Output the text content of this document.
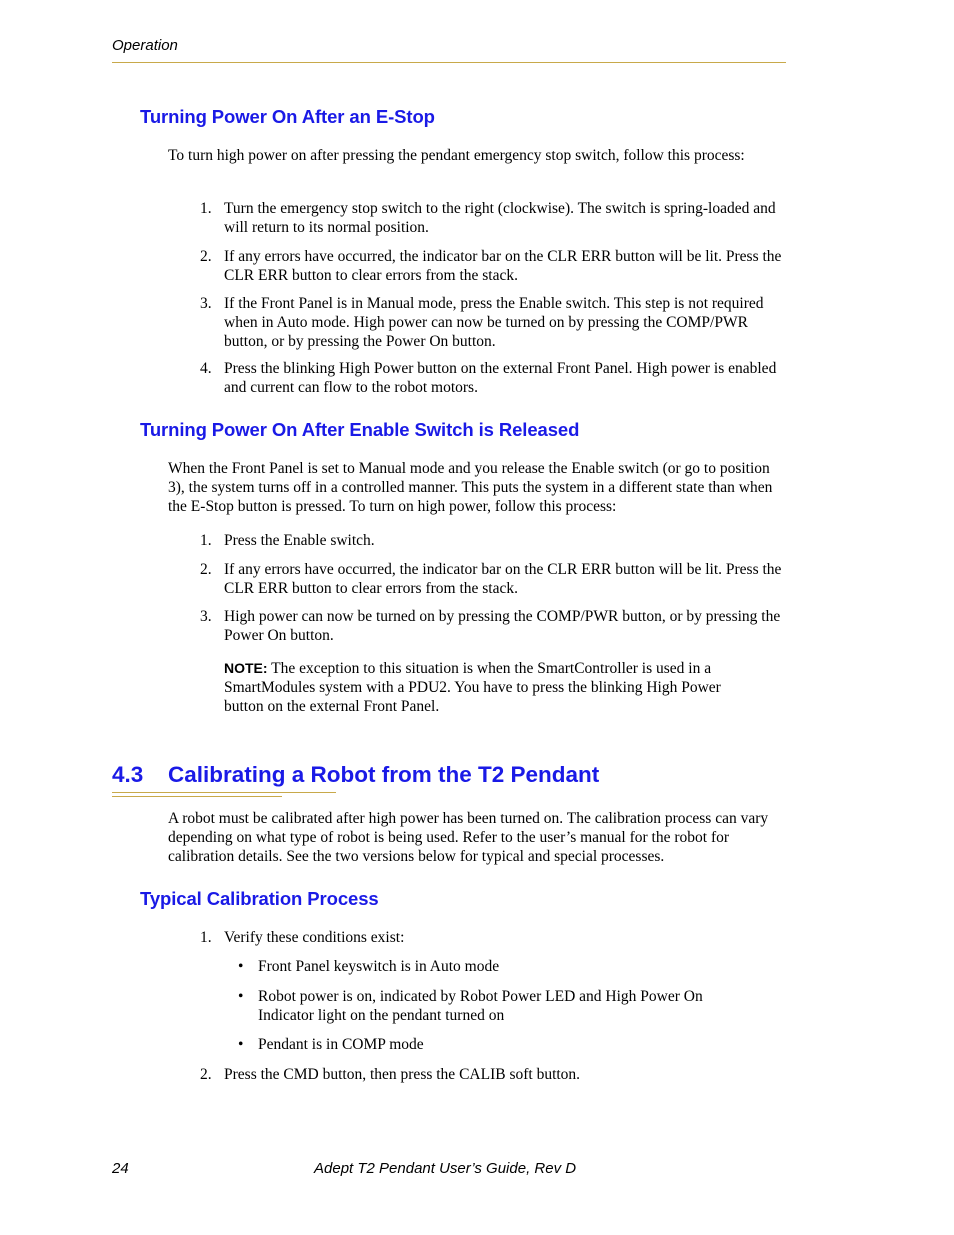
Operation
Turning Power On After an E-Stop
To turn high power on after pressing the pendant emergency stop switch, follow this process:
1. Turn the emergency stop switch to the right (clockwise). The switch is spring-loaded and will return to its normal position.
2. If any errors have occurred, the indicator bar on the CLR ERR button will be lit. Press the CLR ERR button to clear errors from the stack.
3. If the Front Panel is in Manual mode, press the Enable switch. This step is not required when in Auto mode. High power can now be turned on by pressing the COMP/PWR button, or by pressing the Power On button.
4. Press the blinking High Power button on the external Front Panel. High power is enabled and current can flow to the robot motors.
Turning Power On After Enable Switch is Released
When the Front Panel is set to Manual mode and you release the Enable switch (or go to position 3), the system turns off in a controlled manner. This puts the system in a different state than when the E-Stop button is pressed. To turn on high power, follow this process:
1. Press the Enable switch.
2. If any errors have occurred, the indicator bar on the CLR ERR button will be lit. Press the CLR ERR button to clear errors from the stack.
3. High power can now be turned on by pressing the COMP/PWR button, or by pressing the Power On button.
NOTE: The exception to this situation is when the SmartController is used in a SmartModules system with a PDU2. You have to press the blinking High Power button on the external Front Panel.
4.3 Calibrating a Robot from the T2 Pendant
A robot must be calibrated after high power has been turned on. The calibration process can vary depending on what type of robot is being used. Refer to the user’s manual for the robot for calibration details. See the two versions below for typical and special processes.
Typical Calibration Process
1. Verify these conditions exist:
• Front Panel keyswitch is in Auto mode
• Robot power is on, indicated by Robot Power LED and High Power On Indicator light on the pendant turned on
• Pendant is in COMP mode
2. Press the CMD button, then press the CALIB soft button.
24	Adept T2 Pendant User’s Guide, Rev D
